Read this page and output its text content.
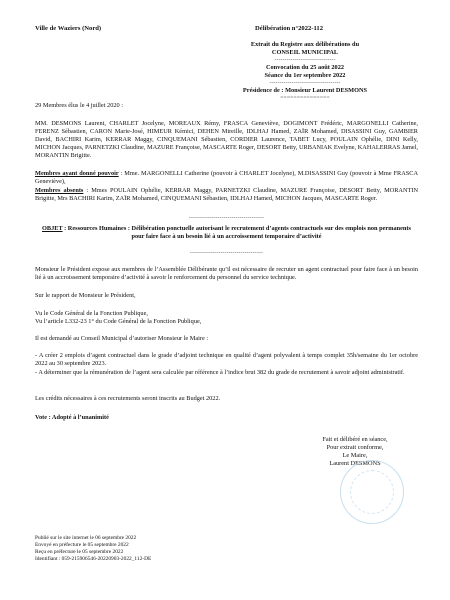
Ville de Waziers (Nord)	Délibération n°2022-112
Extrait du Registre aux délibérations du
CONSEIL MUNICIPAL
------------------------------
Convocation du 25 août 2022
Séance du 1er septembre 2022
-----------------------------------
Présidence de : Monsieur Laurent DESMONS
===============
29 Membres élus le 4 juillet 2020 :
MM. DESMONS Laurent, CHARLET Jocelyne, MOREAUX Rémy, FRASCA Geneviève, DOGIMONT Frédéric, MARGONELLI Catherine, FERENZ Sébastien, CARON Marie-José, HIMEUR Kémici, DEHEN Mireille, IDLHAJ Hamed, ZAÏR Mohamed, DISASSINI Guy, GAMBIER David, BACHIRI Karim, KERRAR Maggy, CINQUEMANI Sébastien, CORDIER Laurence, TABET Lucy, POULAIN Ophélie, DINI Kelly, MICHON Jacques, PARNETZKI Claudine, MAZURE Françoise, MASCARTE Roger, DESORT Betty, URBANIAK Evelyne, KAHALERRAS Jamel, MORANTIN Brigitte.
Membres ayant donné pouvoir : Mme. MARGONELLI Catherine (pouvoir à CHARLET Jocelyne), M.DISASSINI Guy (pouvoir à Mme FRASCA Geneviève),
Membres absents : Mmes POULAIN Ophélie, KERRAR Maggy, PARNETZKI Claudine, MAZURE Françoise, DESORT Betty, MORANTIN Brigitte, Mrs BACHIRI Karim, ZAÏR Mohamed, CINQUEMANI Sébastien, IDLHAJ Hamed, MICHON Jacques, MASCARTE Roger.
-------------------------------------
OBJET : Ressources Humaines : Délibération ponctuelle autorisant le recrutement d’agents contractuels sur des emplois non permanents pour faire face à un besoin lié à un accroissement temporaire d’activité
------------------------------------
Monsieur le Président expose aux membres de l’Assemblée Délibérante qu’il est nécessaire de recruter un agent contractuel pour faire face à un besoin lié à un accroissement temporaire d’activité à savoir le renforcement du personnel du service technique.
Sur le rapport de Monsieur le Président,
Vu le Code Général de la Fonction Publique,
Vu l’article L332-23 1° du Code Général de la Fonction Publique,
Il est demandé au Conseil Municipal d’autoriser Monsieur le Maire :
- A créer 2 emplois d’agent contractuel dans le grade d’adjoint technique en qualité d’agent polyvalent à temps complet 35h/semaine du 1er octobre 2022 au 30 septembre 2023.
- A déterminer que la rémunération de l’agent sera calculée par référence à l’indice brut 382 du grade de recrutement à savoir adjoint administratif.
Les crédits nécessaires à ces recrutements seront inscrits au Budget 2022.
Vote : Adopté à l’unanimité
Fait et délibéré en séance,
Pour extrait conforme,
Le Maire,
Laurent DESMONS
Publié sur le site internet le 06 septembre 2022
Envoyé en préfecture le 05 septembre 2022
Reçu en préfecture le 05 septembre 2022
Identifiant : 059-215906546-20220903-2022_112-DE
